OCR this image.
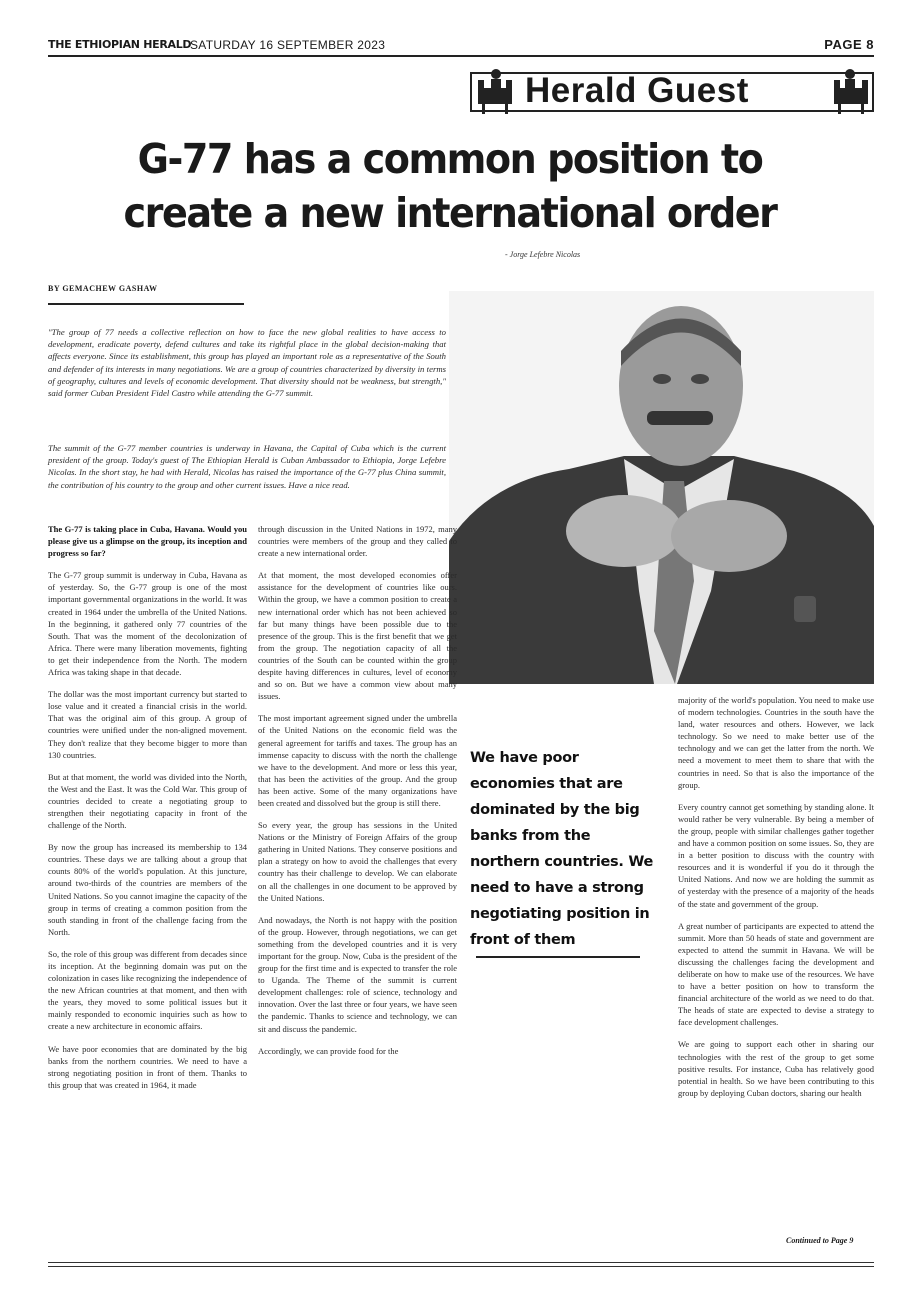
THE ETHIOPIAN HERALD
SATURDAY 16 SEPTEMBER 2023	PAGE 8
Herald Guest
G-77 has a common position to create a new international order
- Jorge Lefebre Nicolas
BY GEMACHEW GASHAW

"The group of 77 needs a collective reflection on how to face the new global realities to have access to development, eradicate poverty, defend cultures and take its rightful place in the global decision-making that affects everyone. Since its establishment, this group has played an important role as a representative of the South and defender of its interests in many negotiations. We are a group of countries characterized by diversity in terms of geography, cultures and levels of economic development. That diversity should not be weakness, but strength," said former Cuban President Fidel Castro while attending the G-77 summit.

The summit of the G-77 member countries is underway in Havana, the Capital of Cuba which is the current president of the group. Today's guest of The Ethiopian Herald is Cuban Ambassador to Ethiopia, Jorge Lefebre Nicolas. In the short stay, he had with Herald, Nicolas has raised the importance of the G-77 plus China summit, the contribution of his country to the group and other current issues. Have a nice read.

The G-77 is taking place in Cuba, Havana. Would you please give us a glimpse on the group, its inception and progress so far?

The G-77 group summit is underway in Cuba, Havana as of yesterday. So, the G-77 group is one of the most important governmental organizations in the world. It was created in 1964 under the umbrella of the United Nations. In the beginning, it gathered only 77 countries of the South. That was the moment of the decolonization of Africa. There were many liberation movements, fighting to get their independence from the North. The modern Africa was taking shape in that decade.

The dollar was the most important currency but started to lose value and it created a financial crisis in the world. That was the original aim of this group. A group of countries were unified under the non-aligned movement. They don't realize that they become bigger to more than 130 countries.

But at that moment, the world was divided into the North, the West and the East. It was the Cold War. This group of countries decided to create a negotiating group to strengthen their negotiating capacity in front of the challenge of the North.

By now the group has increased its membership to 134 countries. These days we are talking about a group that counts 80% of the world's population. At this juncture, around two-thirds of the countries are members of the United Nations. So you cannot imagine the capacity of the group in terms of creating a common position from the south standing in front of the challenge facing from the North.

So, the role of this group was different from decades since its inception. At the beginning domain was put on the colonization in cases like recognizing the independence of the new African countries at that moment, and then with the years, they moved to some political issues but it mainly responded to economic inquiries such as how to create a new architecture in economic affairs.

We have poor economies that are dominated by the big banks from the northern countries. We need to have a strong negotiating position in front of them. Thanks to this group that was created in 1964, it made

through discussion in the United Nations in 1972, many countries were members of the group and they called to create a new international order.

At that moment, the most developed economies offer assistance for the development of countries like ours. Within the group, we have a common position to create a new international order which has not been achieved so far but many things have been possible due to the presence of the group. This is the first benefit that we get from the group. The negotiation capacity of all the countries of the South can be counted within the group despite having differences in cultures, level of economy and so on. But we have a common view about many issues.

The most important agreement signed under the umbrella of the United Nations on the economic field was the general agreement for tariffs and taxes. The group has an immense capacity to discuss with the north the challenge we have to the development. And more or less this year, that has been the activities of the group. And the group has been active. Some of the many organizations have been created and dissolved but the group is still there.

So every year, the group has sessions in the United Nations or the Ministry of Foreign Affairs of the group gathering in United Nations. They conserve positions and plan a strategy on how to avoid the challenges that every country has their challenge to develop. We can elaborate on all the challenges in one document to be approved by the United Nations.

And nowadays, the North is not happy with the position of the group. However, through negotiations, we can get something from the developed countries and it is very important for the group. Now, Cuba is the president of the group for the first time and is expected to transfer the role to Uganda. The Theme of the summit is current development challenges: role of science, technology and innovation. Over the last three or four years, we have seen the pandemic. Thanks to science and technology, we can sit and discuss the pandemic.

Accordingly, we can provide food for the

We have poor economies that are dominated by the big banks from the northern countries. We need to have a strong negotiating position in front of them

majority of the world's population. You need to make use of modern technologies. Countries in the south have the land, water resources and others. However, we lack technology. So we need to make better use of the technology and we can get the latter from the north. We need a movement to meet them to share that with the countries in need. So that is also the importance of the group.

Every country cannot get something by standing alone. It would rather be very vulnerable. By being a member of the group, people with similar challenges gather together and have a common position on some issues. So, they are in a better position to discuss with the country with resources and it is wonderful if you do it through the United Nations. And now we are holding the summit as of yesterday with the presence of a majority of the heads of the state and government of the group.

A great number of participants are expected to attend the summit. More than 50 heads of state and government are expected to attend the summit in Havana. We will be discussing the challenges facing the development and deliberate on how to make use of the resources. We have to have a better position on how to transform the financial architecture of the world as we need to do that. The heads of state are expected to devise a strategy to face development challenges.

We are going to support each other in sharing our technologies with the rest of the group to get some positive results. For instance, Cuba has relatively good potential in health. So we have been contributing to this group by deploying Cuban doctors, sharing our health

Continued to Page 9
